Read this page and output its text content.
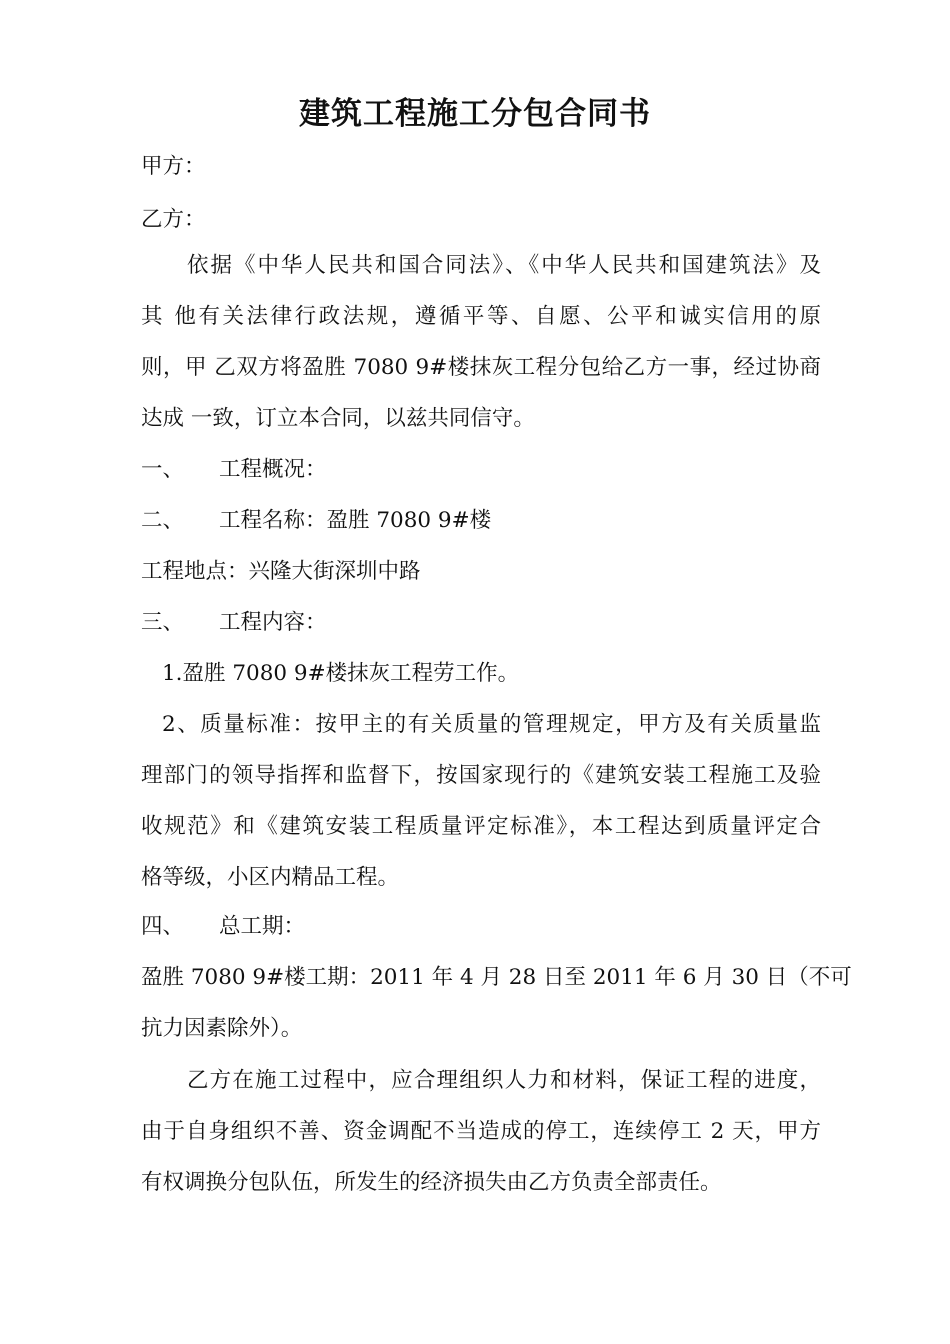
建筑工程施工分包合同书
甲方：
乙方：
依据《中华人民共和国合同法》、《中华人民共和国建筑法》及
其 他有关法律行政法规，遵循平等、自愿、公平和诚实信用的原
则，甲 乙双方将盈胜 7080 9#楼抹灰工程分包给乙方一事，经过协商
达成 一致，订立本合同，以兹共同信守。
一、 工程概况：
二、 工程名称：盈胜 7080 9#楼
工程地点：兴隆大街深圳中路
三、 工程内容：
1.盈胜 7080 9#楼抹灰工程劳工作。
2、质量标准：按甲主的有关质量的管理规定，甲方及有关质量监
理部门的领导指挥和监督下，按国家现行的《建筑安装工程施工及验
收规范》和《建筑安装工程质量评定标准》，本工程达到质量评定合
格等级，小区内精品工程。
四、 总工期：
盈胜 7080 9#楼工期：2011 年 4 月 28 日至 2011 年 6 月 30 日（不可
抗力因素除外）。
乙方在施工过程中，应合理组织人力和材料，保证工程的进度，
由于自身组织不善、资金调配不当造成的停工，连续停工 2 天，甲方
有权调换分包队伍，所发生的经济损失由乙方负责全部责任。
